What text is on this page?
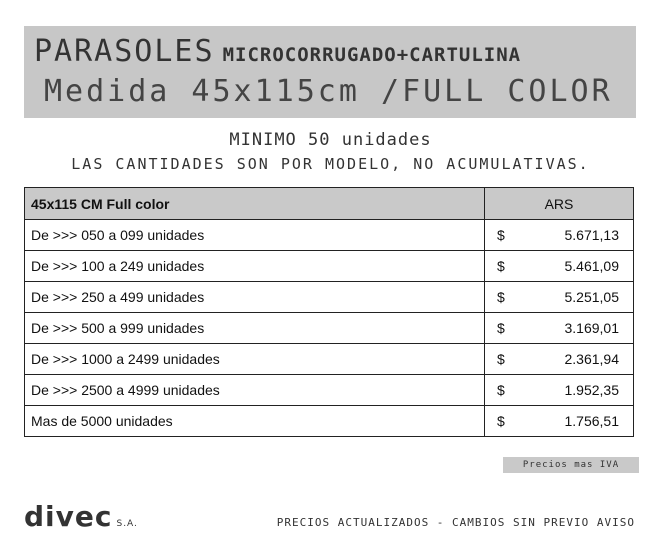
PARASOLES MICROCORRUGADO+CARTULINA
Medida 45x115cm /FULL COLOR
MINIMO 50 unidades
LAS CANTIDADES SON POR MODELO, NO ACUMULATIVAS.
45x115 CM Full color	ARS
De >>> 050 a 099 unidades	$ 5.671,13

De >>> 100 a 249 unidades	$ 5.461,09

De >>> 250 a 499 unidades	$ 5.251,05

De >>> 500 a 999 unidades	$ 3.169,01

De >>> 1000 a 2499 unidades	$ 2.361,94

De >>> 2500 a 4999 unidades	$ 1.952,35

Mas de 5000 unidades	$ 1.756,51
Precios mas IVA
divec S.A.	PRECIOS ACTUALIZADOS - CAMBIOS SIN PREVIO AVISO
